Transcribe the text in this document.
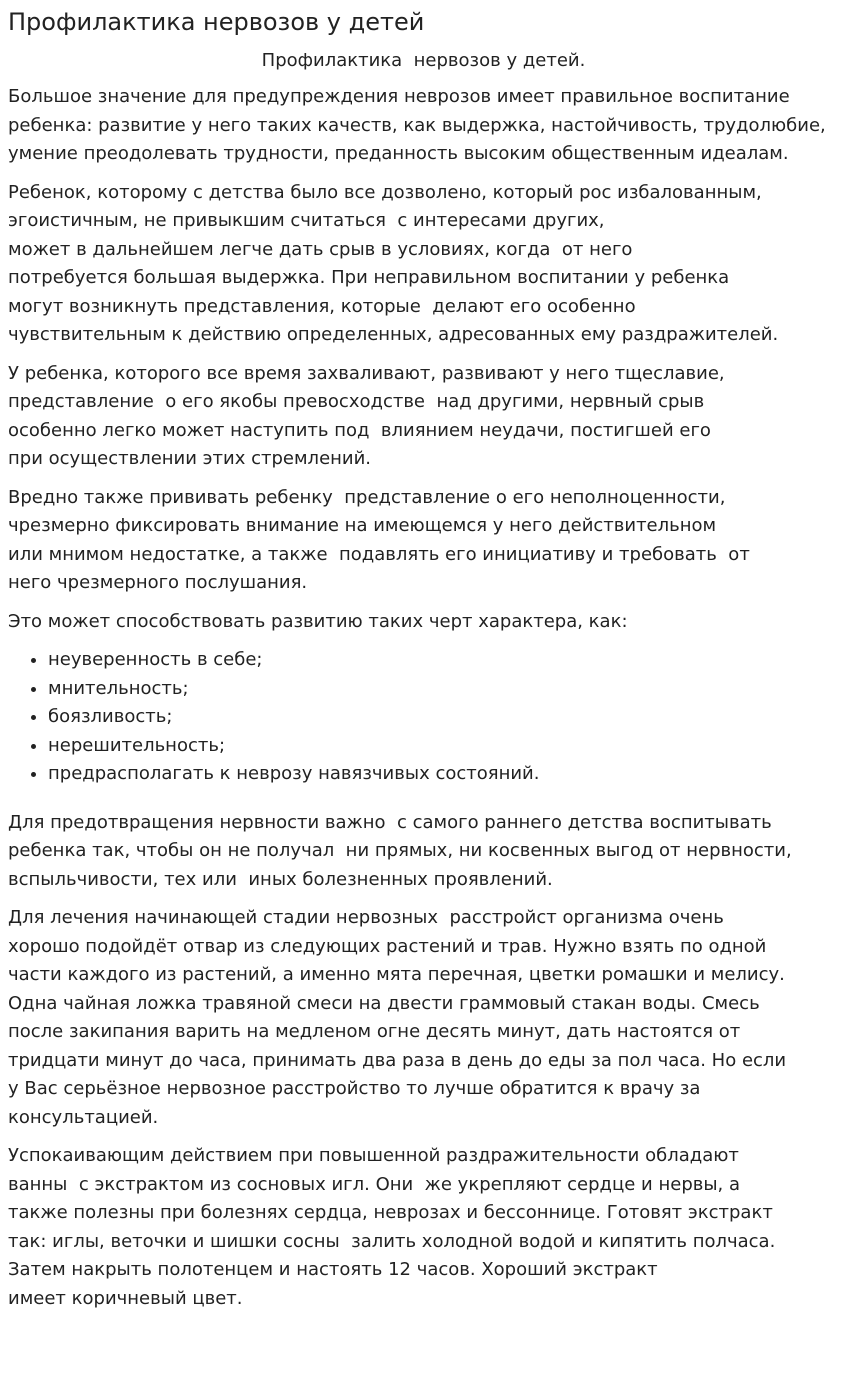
Профилактика нервозов у детей
Профилактика  нервозов у детей.

Большое значение для предупреждения неврозов имеет правильное воспитание ребенка: развитие у него таких качеств, как выдержка, настойчивость, трудолюбие, умение преодолевать трудности, преданность высоким общественным идеалам.

Ребенок, которому с детства было все дозволено, который рос избалованным, эгоистичным, не привыкшим считаться  с интересами других,
может в дальнейшем легче дать срыв в условиях, когда  от него
потребуется большая выдержка. При неправильном воспитании у ребенка
могут возникнуть представления, которые  делают его особенно
чувствительным к действию определенных, адресованных ему раздражителей.

У ребенка, которого все время захваливают, развивают у него тщеславие,
представление  о его якобы превосходстве  над другими, нервный срыв
особенно легко может наступить под  влиянием неудачи, постигшей его
при осуществлении этих стремлений.

Вредно также прививать ребенку  представление о его неполноценности,
чрезмерно фиксировать внимание на имеющемся у него действительном
или мнимом недостатке, а также  подавлять его инициативу и требовать  от
него чрезмерного послушания.

Это может способствовать развитию таких черт характера, как:

• неуверенность в себе;
• мнительность;
• боязливость;
• нерешительность;
• предрасполагать к неврозу навязчивых состояний.

Для предотвращения нервности важно  с самого раннего детства воспитывать
ребенка так, чтобы он не получал  ни прямых, ни косвенных выгод от нервности,
вспыльчивости, тех или  иных болезненных проявлений.

Для лечения начинающей стадии нервозных  расстройст организма очень
хорошо подойдёт отвар из следующих растений и трав. Нужно взять по одной
части каждого из растений, а именно мята перечная, цветки ромашки и мелису.
Одна чайная ложка травяной смеси на двести граммовый стакан воды. Смесь
после закипания варить на медленом огне десять минут, дать настоятся от
тридцати минут до часа, принимать два раза в день до еды за пол часа. Но если
у Вас серьёзное нервозное расстройство то лучше обратится к врачу за
консультацией.

Успокаивающим действием при повышенной раздражительности обладают
ванны  с экстрактом из сосновых игл. Они  же укрепляют сердце и нервы, а
также полезны при болезнях сердца, неврозах и бессоннице. Готовят экстракт
так: иглы, веточки и шишки сосны  залить холодной водой и кипятить полчаса.
Затем накрыть полотенцем и настоять 12 часов. Хороший экстракт
имеет коричневый цвет.
